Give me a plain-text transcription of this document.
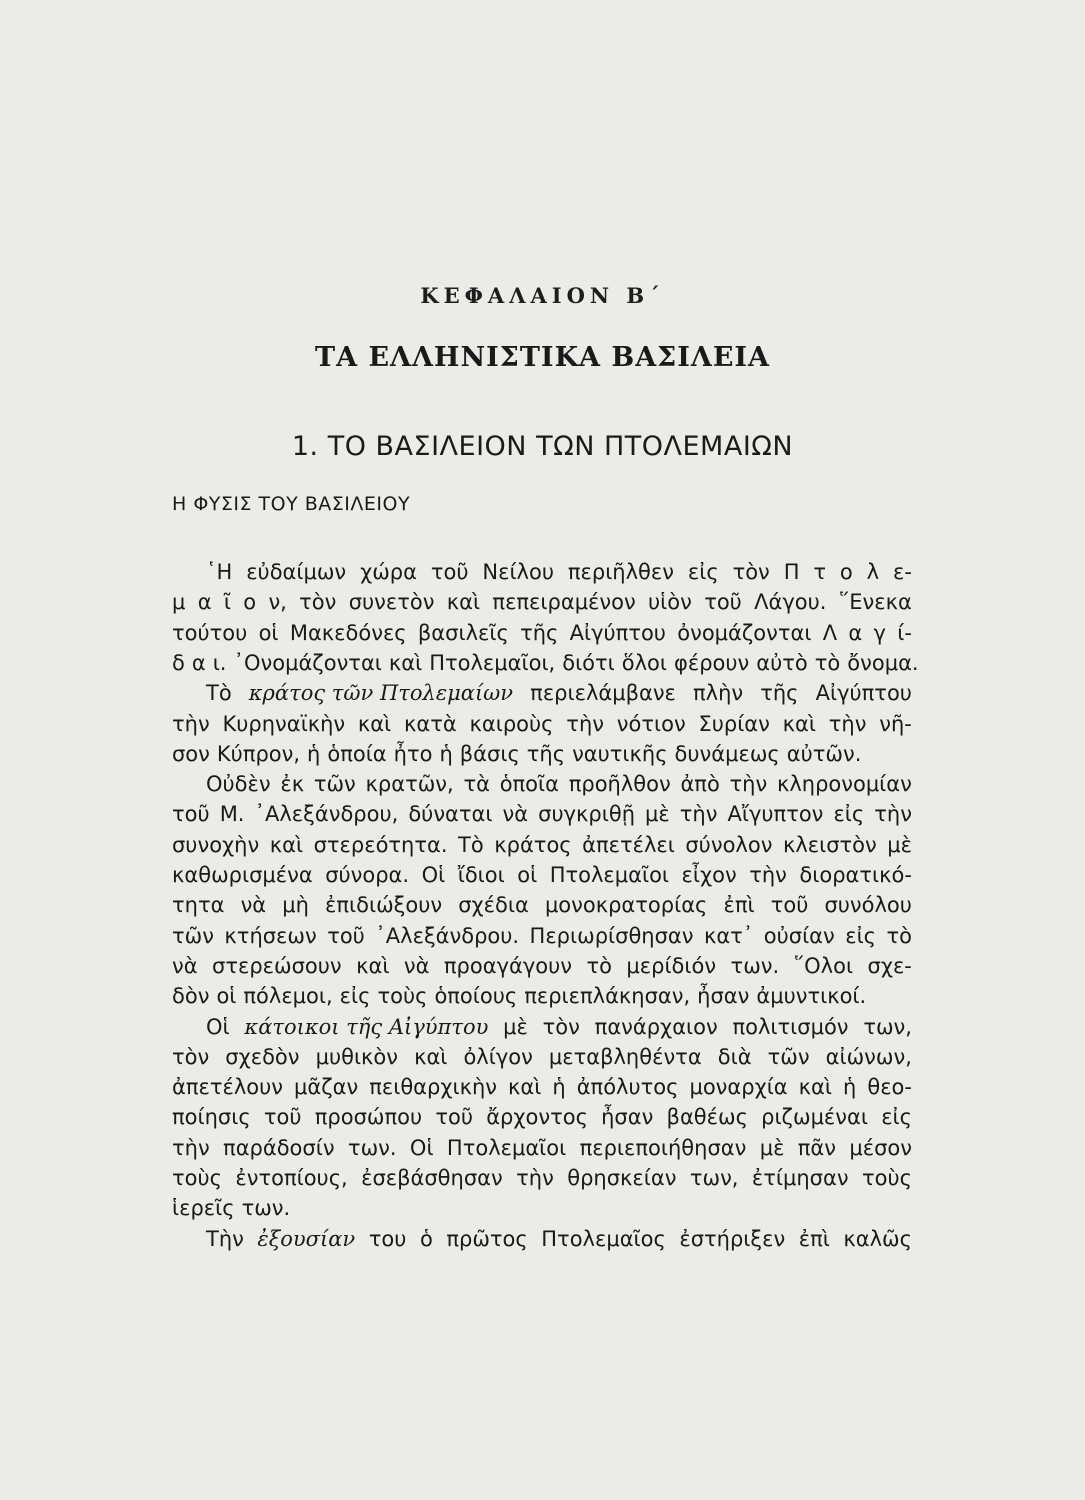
ΚΕΦΑΛΑΙΟΝ Β΄
ΤΑ ΕΛΛΗΝΙΣΤΙΚΑ ΒΑΣΙΛΕΙΑ
1. ΤΟ ΒΑΣΙΛΕΙΟΝ ΤΩΝ ΠΤΟΛΕΜΑΙΩΝ
Η ΦΥΣΙΣ ΤΟΥ ΒΑΣΙΛΕΙΟΥ
῾Η εὐδαίμων χώρα τοῦ Νείλου περιῆλθεν εἰς τὸν Π τ ο λ ε-
μ α ῖ ο ν, τὸν συνετὸν καὶ πεπειραμένον υἱὸν τοῦ Λάγου. ῞Ενεκα
τούτου οἱ Μακεδόνες βασιλεῖς τῆς Αἰγύπτου ὀνομάζονται Λ α γ ί-
δ α ι. ᾿Ονομάζονται καὶ Πτολεμαῖοι, διότι ὅλοι φέρουν αὐτὸ τὸ ὄνομα.
Τὸ κράτος τῶν Πτολεμαίων περιελάμβανε πλὴν τῆς Αἰγύπτου
τὴν Κυρηναϊκὴν καὶ κατὰ καιροὺς τὴν νότιον Συρίαν καὶ τὴν νῆ-
σον Κύπρον, ἡ ὁποία ἦτο ἡ βάσις τῆς ναυτικῆς δυνάμεως αὐτῶν.
Οὐδὲν ἐκ τῶν κρατῶν, τὰ ὁποῖα προῆλθον ἀπὸ τὴν κληρονομίαν
τοῦ Μ. ᾿Αλεξάνδρου, δύναται νὰ συγκριθῇ μὲ τὴν Αἴγυπτον εἰς τὴν
συνοχὴν καὶ στερεότητα. Τὸ κράτος ἀπετέλει σύνολον κλειστὸν μὲ
καθωρισμένα σύνορα. Οἱ ἴδιοι οἱ Πτολεμαῖοι εἶχον τὴν διορατικό-
τητα νὰ μὴ ἐπιδιώξουν σχέδια μονοκρατορίας ἐπὶ τοῦ συνόλου
τῶν κτήσεων τοῦ ᾿Αλεξάνδρου. Περιωρίσθησαν κατ᾿ οὐσίαν εἰς τὸ
νὰ στερεώσουν καὶ νὰ προαγάγουν τὸ μερίδιόν των. ῞Ολοι σχε-
δὸν οἱ πόλεμοι, εἰς τοὺς ὁποίους περιεπλάκησαν, ἦσαν ἀμυντικοί.
Οἱ κάτοικοι τῆς Αἰγύπτου μὲ τὸν πανάρχαιον πολιτισμόν των,
τὸν σχεδὸν μυθικὸν καὶ ὀλίγον μεταβληθέντα διὰ τῶν αἰώνων,
ἀπετέλουν μᾶζαν πειθαρχικὴν καὶ ἡ ἀπόλυτος μοναρχία καὶ ἡ θεο-
ποίησις τοῦ προσώπου τοῦ ἄρχοντος ἦσαν βαθέως ριζωμέναι εἰς
τὴν παράδοσίν των. Οἱ Πτολεμαῖοι περιεποιήθησαν μὲ πᾶν μέσον
τοὺς ἐντοπίους, ἐσεβάσθησαν τὴν θρησκείαν των, ἐτίμησαν τοὺς
ἱερεῖς των.
Τὴν ἐξουσίαν του ὁ πρῶτος Πτολεμαῖος ἐστήριξεν ἐπὶ καλῶς
